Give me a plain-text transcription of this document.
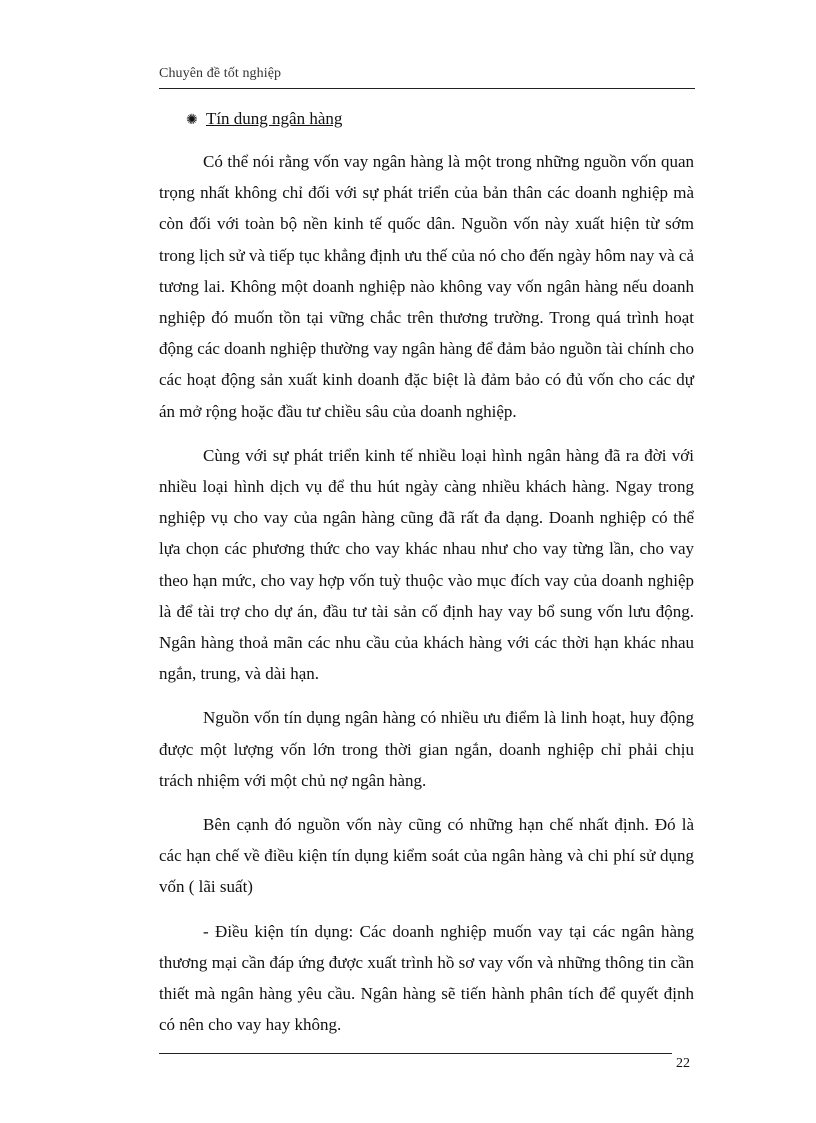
Chuyên đề tốt nghiệp
✺ Tín dung ngân hàng

Có thể nói rằng vốn vay ngân hàng là một trong những nguồn vốn quan trọng nhất không chỉ đối với sự phát triển của bản thân các doanh nghiệp mà còn đối với toàn bộ nền kinh tế quốc dân. Nguồn vốn này xuất hiện từ sớm trong lịch sử và tiếp tục khẳng định ưu thế của nó cho đến ngày hôm nay và cả tương lai. Không một doanh nghiệp nào không vay vốn ngân hàng nếu doanh nghiệp đó muốn tồn tại vững chắc trên thương trường. Trong quá trình hoạt động các doanh nghiệp thường vay ngân hàng để đảm bảo nguồn tài chính cho các hoạt động sản xuất kinh doanh đặc biệt là đảm bảo có đủ vốn cho các dự án mở rộng hoặc đầu tư chiều sâu của doanh nghiệp.

Cùng với sự phát triển kinh tế nhiều loại hình ngân hàng đã ra đời với nhiều loại hình dịch vụ để thu hút ngày càng nhiều khách hàng. Ngay trong nghiệp vụ cho vay của ngân hàng cũng đã rất đa dạng. Doanh nghiệp có thể lựa chọn các phương thức cho vay khác nhau như cho vay từng lần, cho vay theo hạn mức, cho vay hợp vốn tuỳ thuộc vào mục đích vay của doanh nghiệp là để tài trợ cho dự án, đầu tư tài sản cố định hay vay bổ sung vốn lưu động. Ngân hàng thoả mãn các nhu cầu của khách hàng với các thời hạn khác nhau ngắn, trung, và dài hạn.

Nguồn vốn tín dụng ngân hàng có nhiều ưu điểm là linh hoạt, huy động được một lượng vốn lớn trong thời gian ngắn, doanh nghiệp chỉ phải chịu trách nhiệm với một chủ nợ ngân hàng.

Bên cạnh đó nguồn vốn này cũng có những hạn chế nhất định. Đó là các hạn chế về điều kiện tín dụng kiểm soát của ngân hàng và chi phí sử dụng vốn ( lãi suất)

- Điều kiện tín dụng: Các doanh nghiệp muốn vay tại các ngân hàng thương mại cần đáp ứng được xuất trình hồ sơ vay vốn và những thông tin cần thiết mà ngân hàng yêu cầu. Ngân hàng sẽ tiến hành phân tích để quyết định có nên cho vay hay không.

22
